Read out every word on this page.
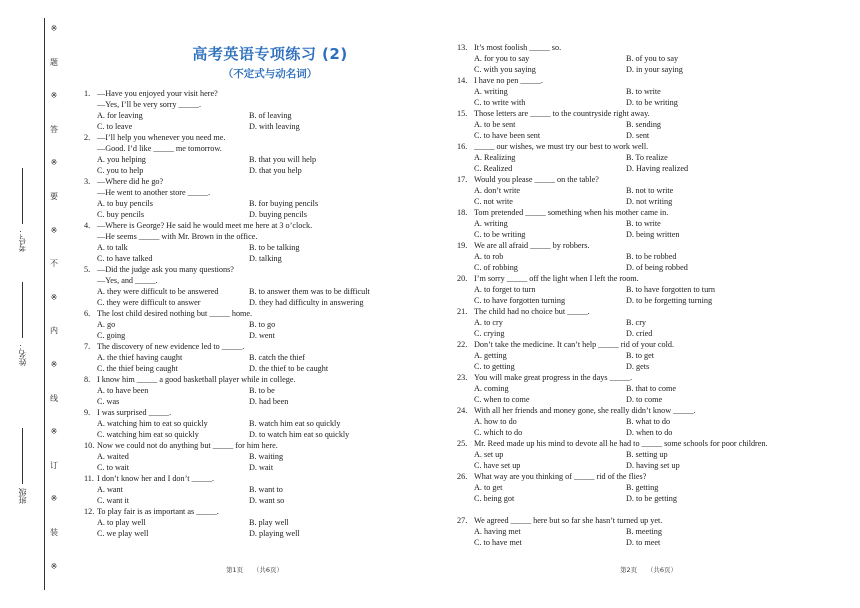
※
题
※
答
※
要
※
不
※
内
※
线
※
订
※
装
※
考号：
姓名：
班级
高考英语专项练习 (2)
（不定式与动名词）
1. —Have you enjoyed your visit here?
—Yes, I’ll be very sorry _____.
A. for leaving	B. of leaving
C. to leave	D. with leaving
2. —I’ll help you whenever you need me.
—Good. I’d like _____ me tomorrow.
A. you helping	B. that you will help
C. you to help	D. that you help
3. —Where did he go?
—He went to another store _____.
A. to buy pencils	B. for buying pencils
C. buy pencils	D. buying pencils
4. —Where is George? He said he would meet me here at 3 o’clock.
—He seems _____ with Mr. Brown in the office.
A. to talk	B. to be talking
C. to have talked	D. talking
5. —Did the judge ask you many questions?
—Yes, and _____.
A. they were difficult to be answered	B. to answer them was to be difficult
C. they were difficult to answer	D. they had difficulty in answering
6. The lost child desired nothing but _____ home.
A. go	B. to go
C. going	D. went
7. The discovery of new evidence led to _____.
A. the thief having caught	B. catch the thief
C. the thief being caught	D. the thief to be caught
8. I know him _____ a good basketball player while in college.
A. to have been	B. to be
C. was	D. had been
9. I was surprised _____.
A. watching him to eat so quickly	B. watch him eat so quickly
C. watching him eat so quickly	D. to watch him eat so quickly
10. Now we could not do anything but _____ for him here.
A. waited	B. waiting
C. to wait	D. wait
11. I don’t know her and I don’t _____.
A. want	B. want to
C. want it	D. want so
12. To play fair is as important as _____.
A. to play well	B. play well
C. we play well	D. playing well
13. It’s most foolish _____ so.
A. for you to say	B. of you to say
C. with you saying	D. in your saying
14. I have no pen _____.
A. writing	B. to write
C. to write with	D. to be writing
15. Those letters are _____ to the countryside right away.
A. to be sent	B. sending
C. to have been sent	D. sent
16. _____ our wishes, we must try our best to work well.
A. Realizing	B. To realize
C. Realized	D. Having realized
17. Would you please _____ on the table?
A. don’t write	B. not to write
C. not write	D. not writing
18. Tom pretended _____ something when his mother came in.
A. writing	B. to write
C. to be writing	D. being written
19. We are all afraid _____ by robbers.
A. to rob	B. to be robbed
C. of robbing	D. of being robbed
20. I’m sorry _____ off the light when I left the room.
A. to forget to turn	B. to have forgotten to turn
C. to have forgotten turning	D. to be forgetting turning
21. The child had no choice but _____.
A. to cry	B. cry
C. crying	D. cried
22. Don’t take the medicine. It can’t help _____ rid of your cold.
A. getting	B. to get
C. to getting	D. gets
23. You will make great progress in the days _____.
A. coming	B. that to come
C. when to come	D. to come
24. With all her friends and money gone, she really didn’t know _____.
A. how to do	B. what to do
C. which to do	D. when to do
25. Mr. Reed made up his mind to devote all he had to _____ some schools for poor children.
A. set up	B. setting up
C. have set up	D. having set up
26. What way are you thinking of _____ rid of the flies?
A. to get	B. getting
C. being got	D. to be getting
27. We agreed _____ here but so far she hasn’t turned up yet.
A. having met	B. meeting
C. to have met	D. to meet
第1页　　（共6页）	第2页　　（共6页）
